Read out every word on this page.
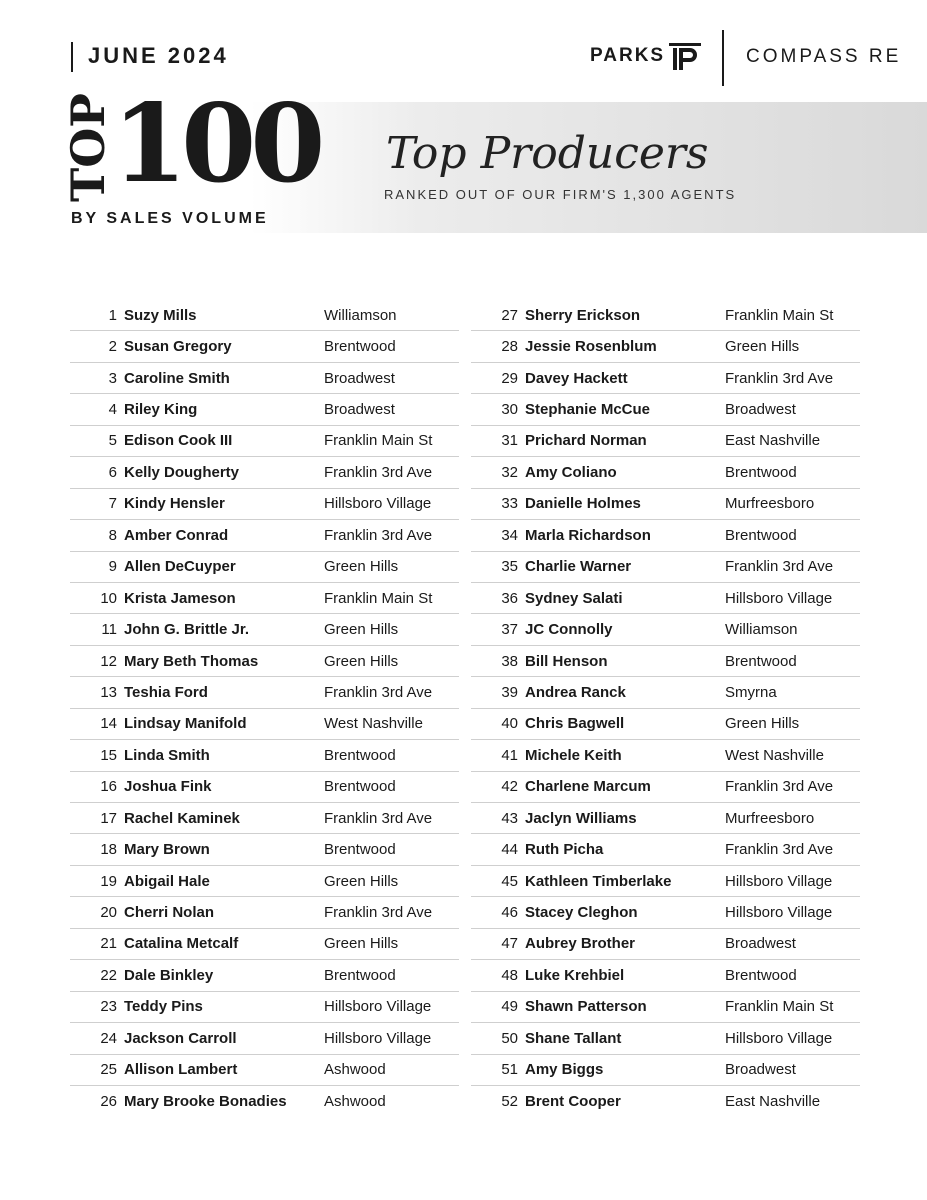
JUNE 2024	PARKS	COMPASS RE
TOP
100
BY SALES VOLUME
Top Producers
RANKED OUT OF OUR FIRM'S 1,300 AGENTS
1 Suzy Mills	Williamson
2 Susan Gregory	Brentwood
3 Caroline Smith	Broadwest
4 Riley King	Broadwest
5 Edison Cook III	Franklin Main St
6 Kelly Dougherty	Franklin 3rd Ave
7 Kindy Hensler	Hillsboro Village
8 Amber Conrad	Franklin 3rd Ave
9 Allen DeCuyper	Green Hills
10 Krista Jameson	Franklin Main St
11 John G. Brittle Jr.	Green Hills
12 Mary Beth Thomas	Green Hills
13 Teshia Ford	Franklin 3rd Ave
14 Lindsay Manifold	West Nashville
15 Linda Smith	Brentwood
16 Joshua Fink	Brentwood
17 Rachel Kaminek	Franklin 3rd Ave
18 Mary Brown	Brentwood
19 Abigail Hale	Green Hills
20 Cherri Nolan	Franklin 3rd Ave
21 Catalina Metcalf	Green Hills
22 Dale Binkley	Brentwood
23 Teddy Pins	Hillsboro Village
24 Jackson Carroll	Hillsboro Village
25 Allison Lambert	Ashwood
26 Mary Brooke Bonadies	Ashwood
27 Sherry Erickson	Franklin Main St
28 Jessie Rosenblum	Green Hills
29 Davey Hackett	Franklin 3rd Ave
30 Stephanie McCue	Broadwest
31 Prichard Norman	East Nashville
32 Amy Coliano	Brentwood
33 Danielle Holmes	Murfreesboro
34 Marla Richardson	Brentwood
35 Charlie Warner	Franklin 3rd Ave
36 Sydney Salati	Hillsboro Village
37 JC Connolly	Williamson
38 Bill Henson	Brentwood
39 Andrea Ranck	Smyrna
40 Chris Bagwell	Green Hills
41 Michele Keith	West Nashville
42 Charlene Marcum	Franklin 3rd Ave
43 Jaclyn Williams	Murfreesboro
44 Ruth Picha	Franklin 3rd Ave
45 Kathleen Timberlake	Hillsboro Village
46 Stacey Cleghon	Hillsboro Village
47 Aubrey Brother	Broadwest
48 Luke Krehbiel	Brentwood
49 Shawn Patterson	Franklin Main St
50 Shane Tallant	Hillsboro Village
51 Amy Biggs	Broadwest
52 Brent Cooper	East Nashville
